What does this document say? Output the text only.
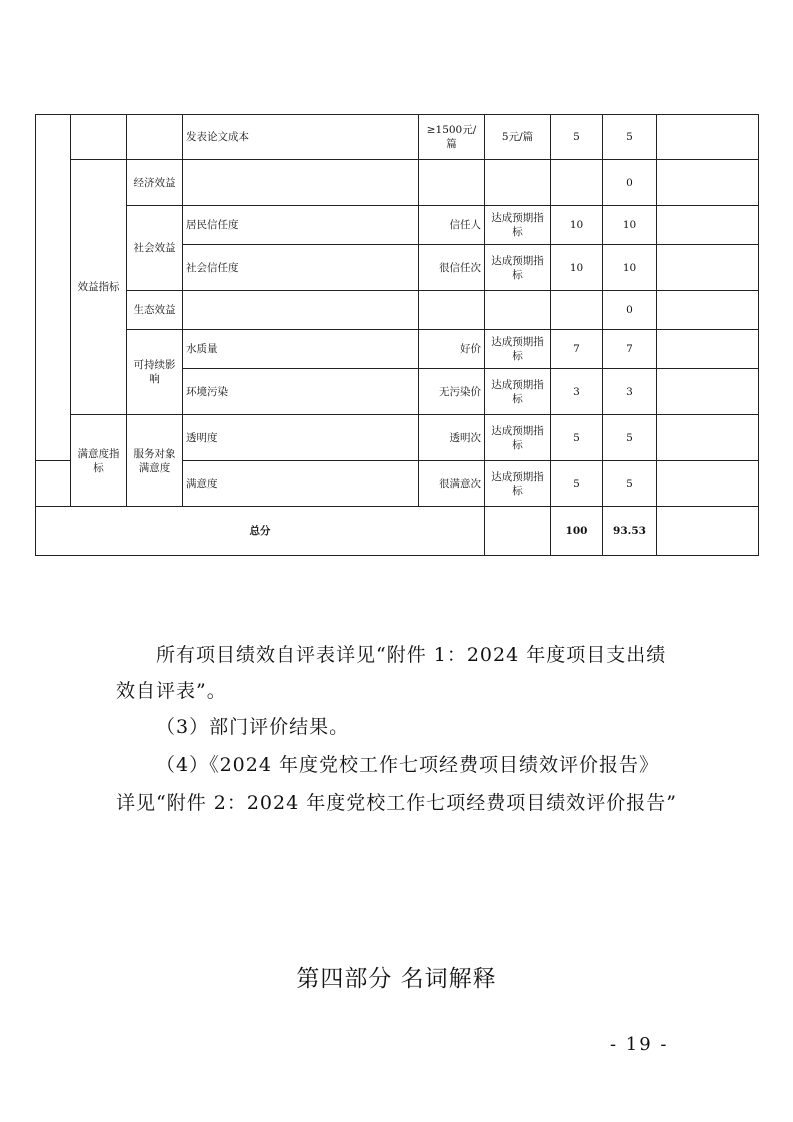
			发表论文成本	≥1500元/篇	5元/篇	5	5	
	效益指标	经济效益					0	
		社会效益	居民信任度	信任人	达成预期指标	10	10	
			社会信任度	很信任次	达成预期指标	10	10	
		生态效益					0	
		可持续影响	水质量	好价	达成预期指标	7	7	
			环境污染	无污染价	达成预期指标	3	3	
	满意度指标	服务对象满意度	透明度	透明次	达成预期指标	5	5	
			满意度	很满意次	达成预期指标	5	5	
总分						100	93.53	
所有项目绩效自评表详见“附件 1：2024 年度项目支出绩
效自评表”。
（3）部门评价结果。
（4）《2024 年度党校工作七项经费项目绩效评价报告》
详见“附件 2：2024 年度党校工作七项经费项目绩效评价报告”
第四部分 名词解释
- 19 -
